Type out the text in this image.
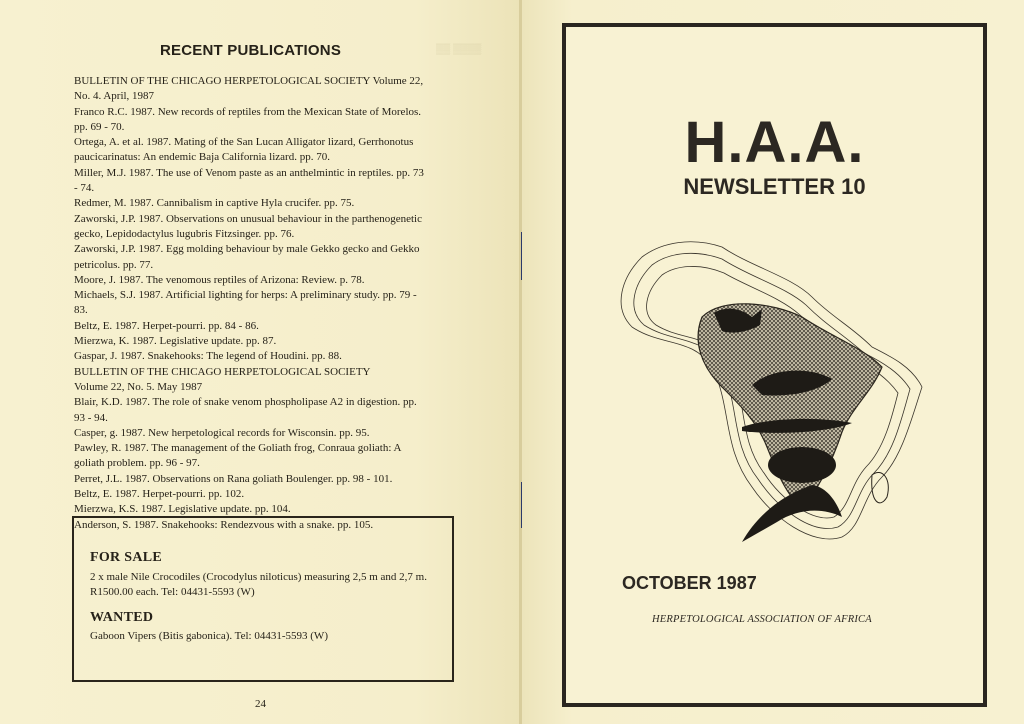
▒▒ ▒▒▒▒
RECENT PUBLICATIONS
BULLETIN OF THE CHICAGO HERPETOLOGICAL SOCIETY Volume 22,
No. 4. April, 1987
Franco R.C. 1987. New records of reptiles from the Mexican State of Morelos.
pp. 69 - 70.
Ortega, A. et al. 1987. Mating of the San Lucan Alligator lizard, Gerrhonotus
paucicarinatus: An endemic Baja California lizard. pp. 70.
Miller, M.J. 1987. The use of Venom paste as an anthelmintic in reptiles. pp. 73
- 74.
Redmer, M. 1987. Cannibalism in captive Hyla crucifer. pp. 75.
Zaworski, J.P. 1987. Observations on unusual behaviour in the parthenogenetic
gecko, Lepidodactylus lugubris Fitzsinger. pp. 76.
Zaworski, J.P. 1987. Egg molding behaviour by male Gekko gecko and Gekko
petricolus. pp. 77.
Moore, J. 1987. The venomous reptiles of Arizona: Review. p. 78.
Michaels, S.J. 1987. Artificial lighting for herps: A preliminary study. pp. 79 -
83.
Beltz, E. 1987. Herpet-pourri. pp. 84 - 86.
Mierzwa, K. 1987. Legislative update. pp. 87.
Gaspar, J. 1987. Snakehooks: The legend of Houdini. pp. 88.
BULLETIN OF THE CHICAGO HERPETOLOGICAL SOCIETY
Volume 22, No. 5. May 1987
Blair, K.D. 1987. The role of snake venom phospholipase A2 in digestion. pp.
93 - 94.
Casper, g. 1987. New herpetological records for Wisconsin. pp. 95.
Pawley, R. 1987. The management of the Goliath frog, Conraua goliath: A
goliath problem. pp. 96 - 97.
Perret, J.L. 1987. Observations on Rana goliath Boulenger. pp. 98 - 101.
Beltz, E. 1987. Herpet-pourri. pp. 102.
Mierzwa, K.S. 1987. Legislative update. pp. 104.
Anderson, S. 1987. Snakehooks: Rendezvous with a snake. pp. 105.
FOR SALE
2 x male Nile Crocodiles (Crocodylus niloticus) measuring 2,5 m and 2,7 m. R1500.00 each. Tel: 04431-5593 (W)
WANTED
Gaboon Vipers (Bitis gabonica). Tel: 04431-5593 (W)
24
H.A.A.
NEWSLETTER 10
OCTOBER 1987
HERPETOLOGICAL ASSOCIATION OF AFRICA
